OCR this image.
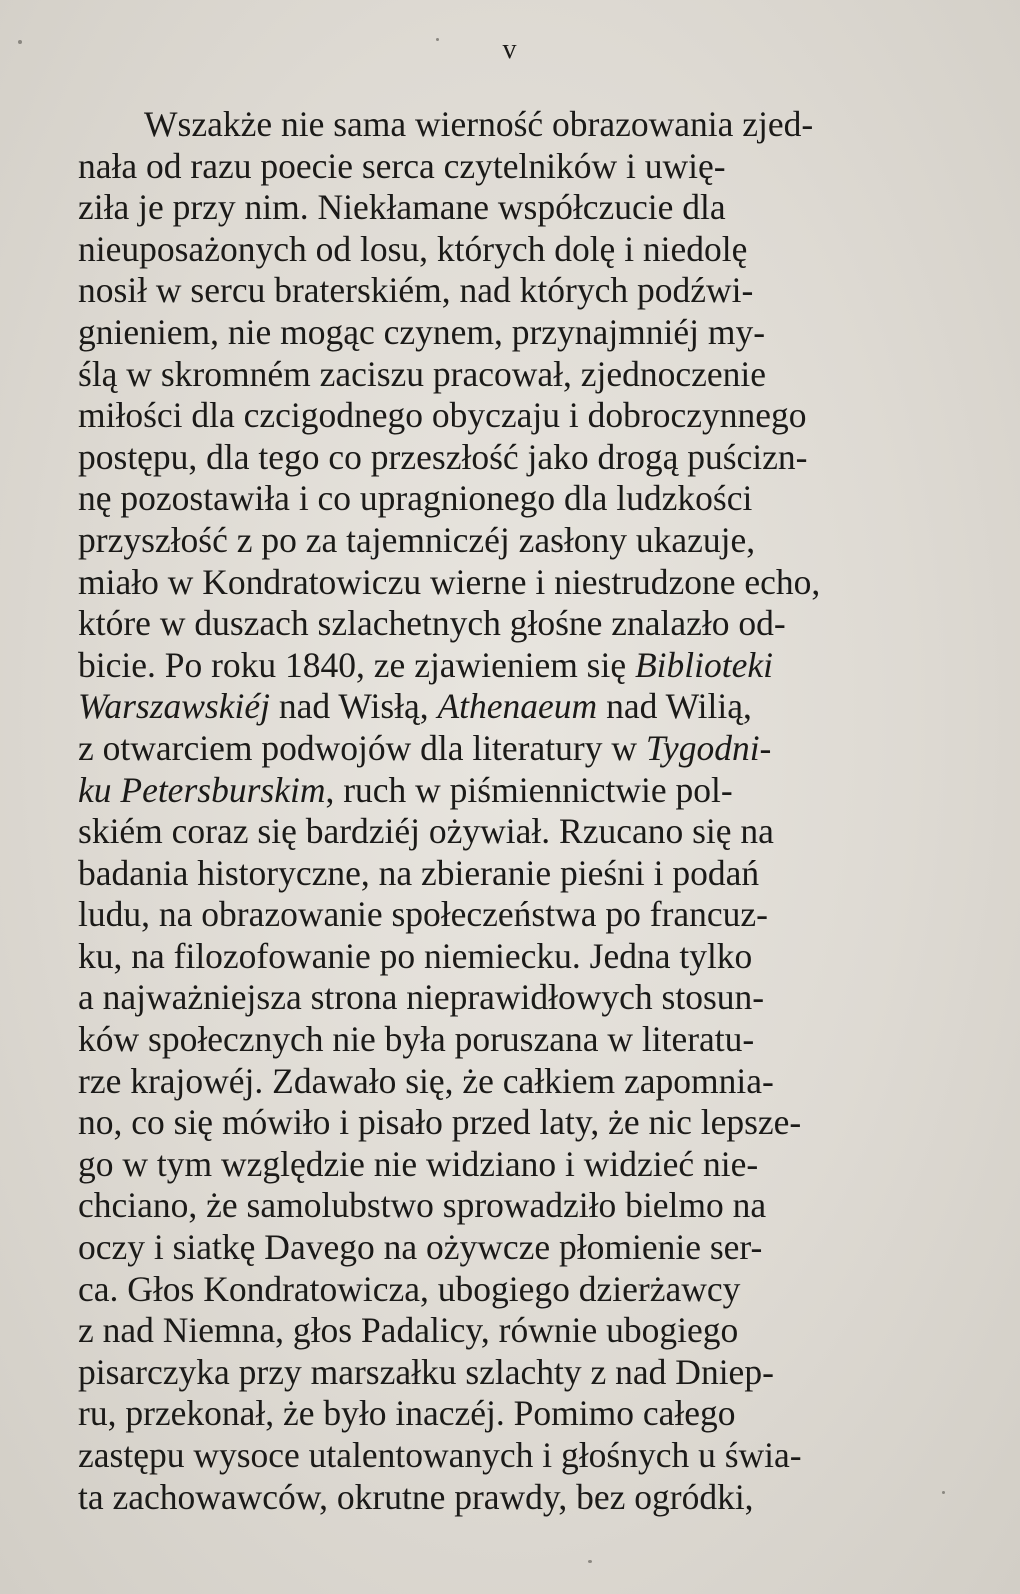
v
Wszakże nie sama wierność obrazowania zjed-
nała od razu poecie serca czytelników i uwię-
ziła je przy nim. Niekłamane współczucie dla
nieuposażonych od losu, których dolę i niedolę
nosił w sercu braterskiém, nad których podźwi-
gnieniem, nie mogąc czynem, przynajmniéj my-
ślą w skromném zaciszu pracował, zjednoczenie
miłości dla czcigodnego obyczaju i dobroczynnego
postępu, dla tego co przeszłość jako drogą puścizn-
nę pozostawiła i co upragnionego dla ludzkości
przyszłość z po za tajemniczéj zasłony ukazuje,
miało w Kondratowiczu wierne i niestrudzone echo,
które w duszach szlachetnych głośne znalazło od-
bicie. Po roku 1840, ze zjawieniem się Biblioteki
Warszawskiéj nad Wisłą, Athenaeum nad Wilią,
z otwarciem podwojów dla literatury w Tygodni-
ku Petersburskim, ruch w piśmiennictwie pol-
skiém coraz się bardziéj ożywiał. Rzucano się na
badania historyczne, na zbieranie pieśni i podań
ludu, na obrazowanie społeczeństwa po francuz-
ku, na filozofowanie po niemiecku. Jedna tylko
a najważniejsza strona nieprawidłowych stosun-
ków społecznych nie była poruszana w literatu-
rze krajowéj. Zdawało się, że całkiem zapomnia-
no, co się mówiło i pisało przed laty, że nic lepsze-
go w tym względzie nie widziano i widzieć nie-
chciano, że samolubstwo sprowadziło bielmo na
oczy i siatkę Davego na ożywcze płomienie ser-
ca. Głos Kondratowicza, ubogiego dzierżawcy
z nad Niemna, głos Padalicy, równie ubogiego
pisarczyka przy marszałku szlachty z nad Dniep-
ru, przekonał, że było inaczéj. Pomimo całego
zastępu wysoce utalentowanych i głośnych u świa-
ta zachowawców, okrutne prawdy, bez ogródki,
